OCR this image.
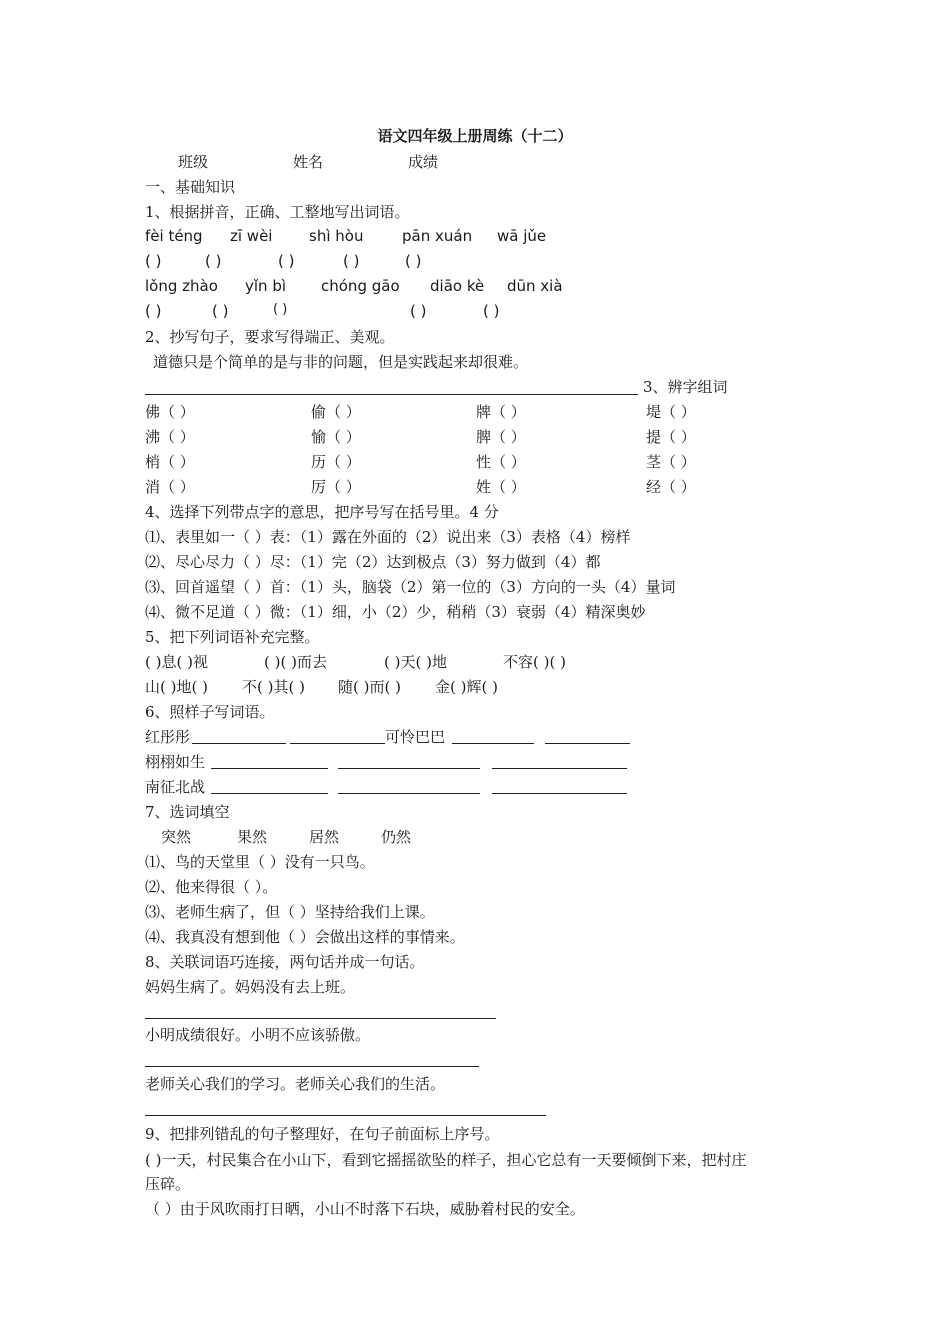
语文四年级上册周练（十二）
班级	姓名	成绩
一、基础知识
1、根据拼音，正确、工整地写出词语。
fèi téng zī wèi shì hòu	pān xuán wā jǔe
( )	( )	( )	( )	( )
lǒng zhào yǐn bì chóng gāo diāo kè dūn xià
( )	( )	( )	( )	( )
2、抄写句子，要求写得端正、美观。
道德只是个简单的是与非的问题，但是实践起来却很难。
3、辨字组词
佛（ ）	偷（ ）	牌（ ）	堤（ ）
沸（ ）	愉（ ）	脾（ ）	提（ ）
梢（ ）	历（ ）	性（ ）	茎（ ）
消（ ）	厉（ ）	姓（ ）	经（ ）
4、选择下列带点字的意思，把序号写在括号里。4 分
⑴、表里如一（ ）表：（1）露在外面的（2）说出来（3）表格（4）榜样
⑵、尽心尽力（ ）尽：（1）完（2）达到极点（3）努力做到（4）都
⑶、回首遥望（ ）首：（1）头，脑袋（2）第一位的（3）方向的一头（4）量词
⑷、微不足道（ ）微：（1）细，小（2）少，稍稍（3）衰弱（4）精深奥妙
5、把下列词语补充完整。
( )息( )视	( )( )而去	( )天( )地	不容( )( )
山( )地( ) 不( )其( ) 随( )而( ) 金( )辉( )
6、照样子写词语。
红彤彤	可怜巴巴
栩栩如生
南征北战
7、选词填空
突然	果然	居然	仍然
⑴、鸟的天堂里（ ）没有一只鸟。
⑵、他来得很（ ）。
⑶、老师生病了，但（ ）坚持给我们上课。
⑷、我真没有想到他（ ）会做出这样的事情来。
8、关联词语巧连接，两句话并成一句话。
妈妈生病了。妈妈没有去上班。
小明成绩很好。小明不应该骄傲。
老师关心我们的学习。老师关心我们的生活。
9、把排列错乱的句子整理好，在句子前面标上序号。
( )一天，村民集合在小山下，看到它摇摇欲坠的样子，担心它总有一天要倾倒下来，把村庄
压碎。
（ ）由于风吹雨打日晒，小山不时落下石块，威胁着村民的安全。
